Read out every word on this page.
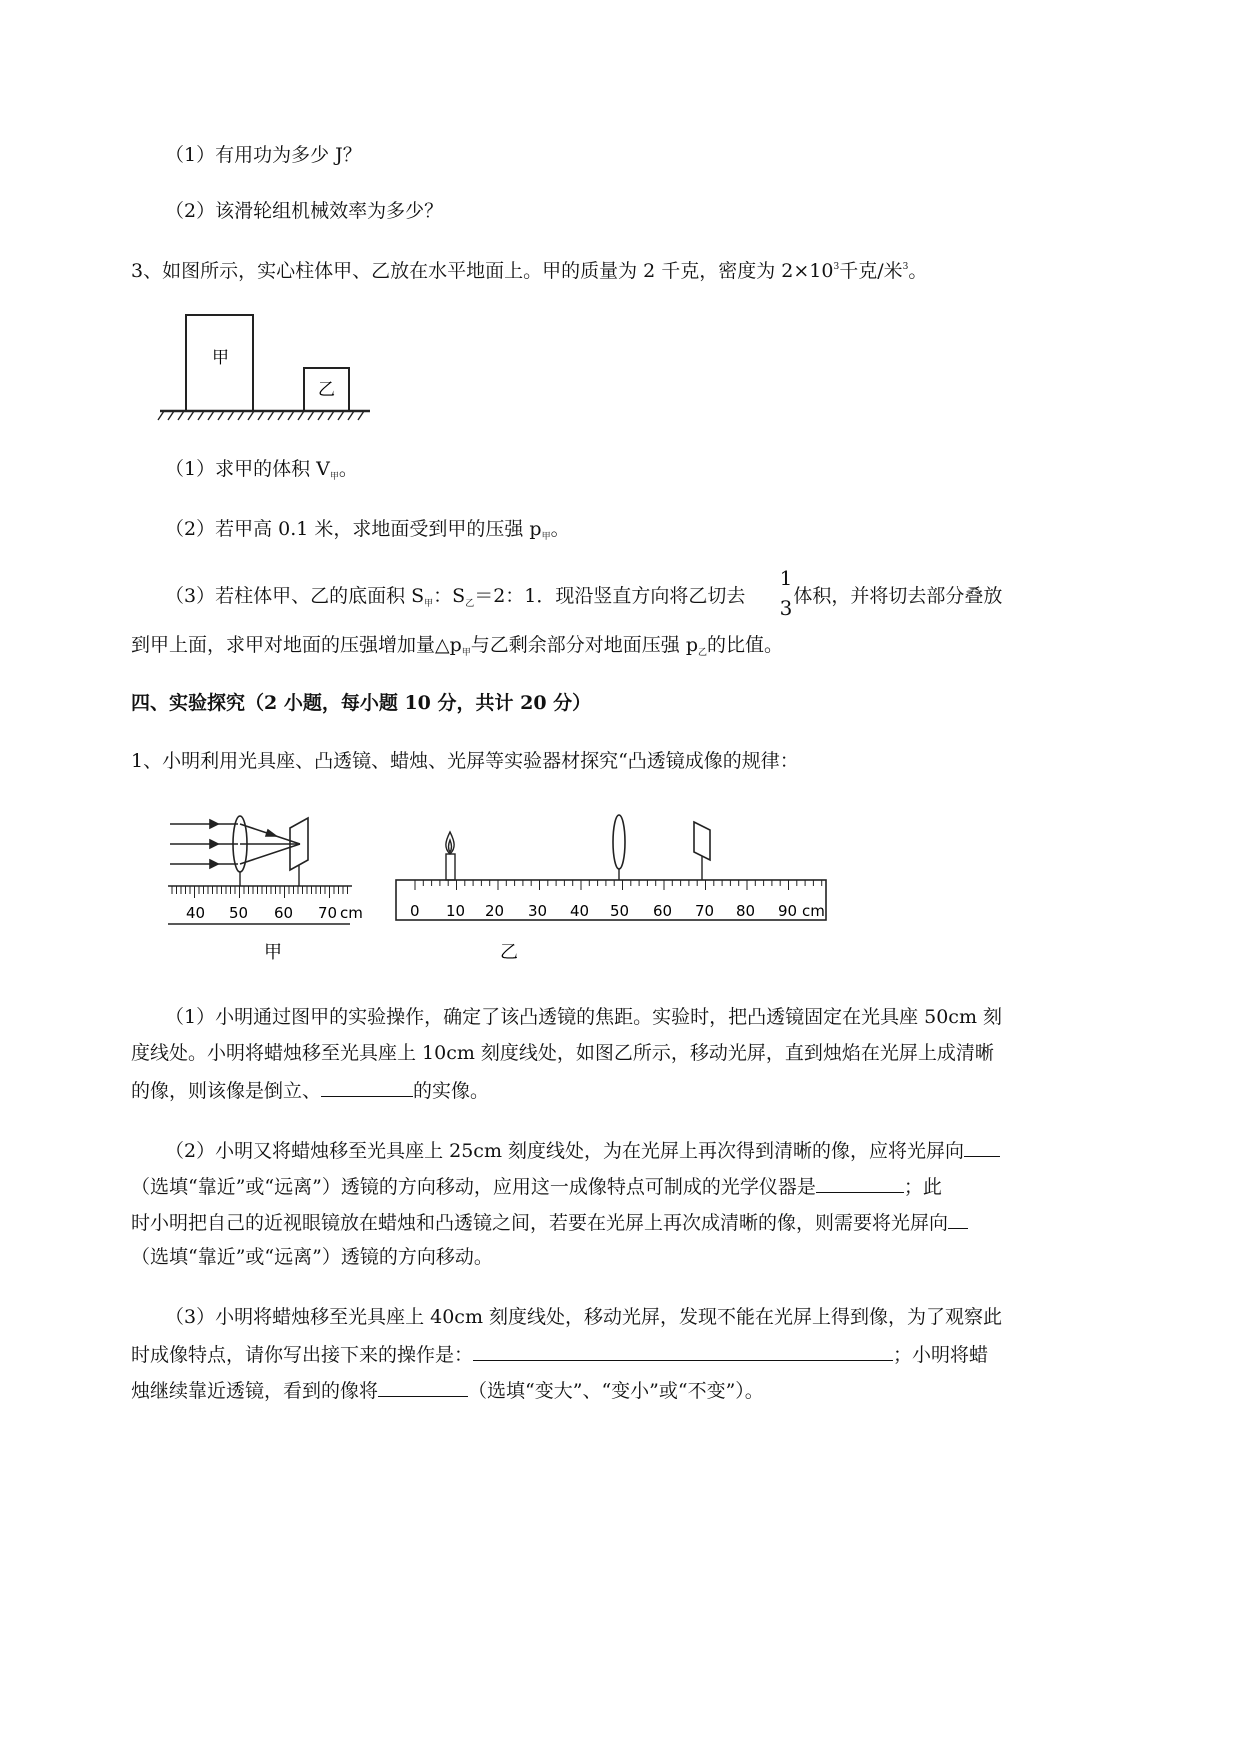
（1）有用功为多少 J？
（2）该滑轮组机械效率为多少？
3、如图所示，实心柱体甲、乙放在水平地面上。甲的质量为 2 千克，密度为 $2\times 10^3$千克/米$^3$。
甲
乙
（1）求甲的体积 $V_甲$。
（2）若甲高 0.1 米，求地面受到甲的压强 $p_甲$。
（3）若柱体甲、乙的底面积 $S_甲$：$S_乙=2$：1．现沿竖直方向将乙切去	体积，并将切去部分叠放
1
3
到甲上面，求甲对地面的压强增加量$\triangle p_甲$与乙剩余部分对地面压强 $p_乙$的比值。
四、实验探究（2 小题，每小题 10 分，共计 20 分）
1、小明利用光具座、凸透镜、蜡烛、光屏等实验器材探究“凸透镜成像的规律：
40 50 60 70 cm
甲
0 10 20 30 40 50 60 70 80 90 cm
乙
（1）小明通过图甲的实验操作，确定了该凸透镜的焦距。实验时，把凸透镜固定在光具座 50cm 刻
度线处。小明将蜡烛移至光具座上 10cm 刻度线处，如图乙所示，移动光屏，直到烛焰在光屏上成清晰
的像，则该像是倒立、	的实像。
（2）小明又将蜡烛移至光具座上 25cm 刻度线处，为在光屏上再次得到清晰的像，应将光屏向
（选填“靠近”或“远离”）透镜的方向移动，应用这一成像特点可制成的光学仪器是	；此
时小明把自己的近视眼镜放在蜡烛和凸透镜之间，若要在光屏上再次成清晰的像，则需要将光屏向
（选填“靠近”或“远离”）透镜的方向移动。
（3）小明将蜡烛移至光具座上 40cm 刻度线处，移动光屏，发现不能在光屏上得到像，为了观察此
时成像特点，请你写出接下来的操作是：	；小明将蜡
烛继续靠近透镜，看到的像将	（选填“变大”、“变小”或“不变”）。
